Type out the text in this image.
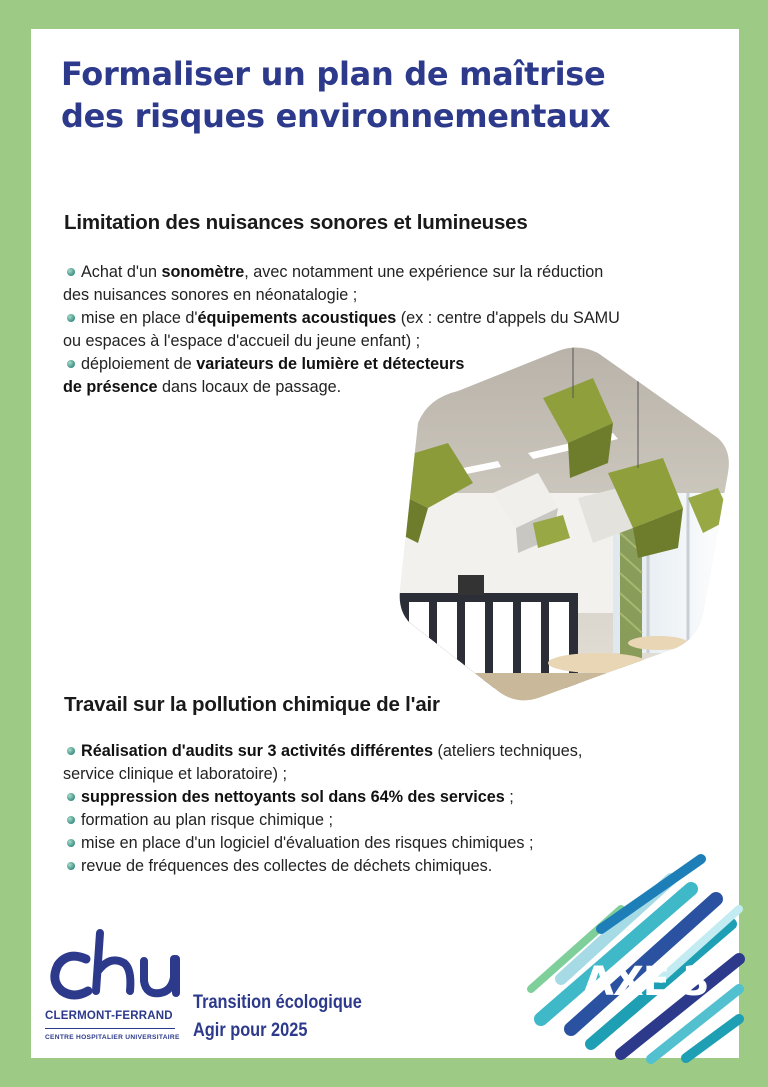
Formaliser un plan de maîtrise
des risques environnementaux
Limitation des nuisances sonores et lumineuses
Achat d'un sonomètre, avec notamment une expérience sur la réduction
des nuisances sonores en néonatalogie ;
mise en place d'équipements acoustiques (ex : centre d'appels du SAMU
ou espaces à l'espace d'accueil du jeune enfant) ;
déploiement de variateurs de lumière et détecteurs
de présence dans locaux de passage.
Travail sur la pollution chimique de l'air
Réalisation d'audits sur 3 activités différentes (ateliers techniques,
service clinique et laboratoire) ;
suppression des nettoyants sol dans 64% des services ;
formation au plan risque chimique ;
mise en place d'un logiciel d'évaluation des risques chimiques ;
revue de fréquences des collectes de déchets chimiques.
chu
CLERMONT-FERRAND
CENTRE HOSPITALIER UNIVERSITAIRE
Transition écologique
Agir pour 2025
AXE 3
